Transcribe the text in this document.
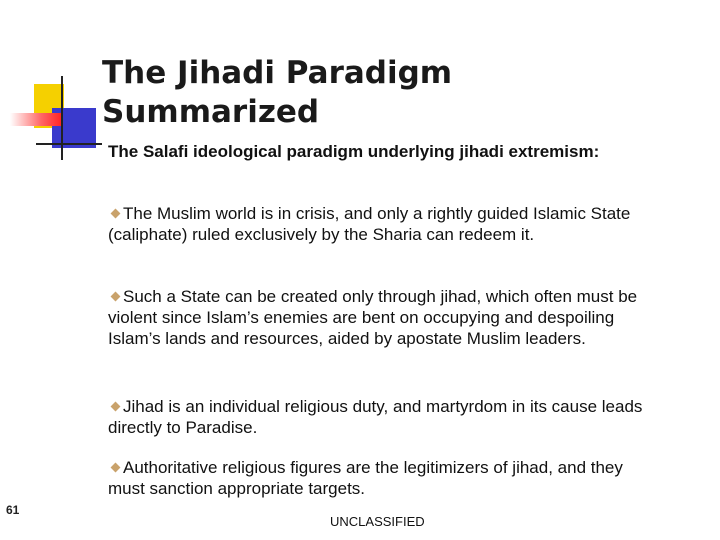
The Jihadi Paradigm
Summarized
The Salafi ideological paradigm underlying jihadi extremism:
The Muslim world is in crisis, and only a rightly guided Islamic State (caliphate) ruled exclusively by the Sharia can redeem it.
Such a State can be created only through jihad, which often must be violent since Islam’s enemies are bent on occupying and despoiling Islam’s lands and resources, aided by apostate Muslim leaders.
Jihad is an individual religious duty, and martyrdom in its cause leads directly to Paradise.
Authoritative religious figures are the legitimizers of jihad, and they must sanction appropriate targets.
61
UNCLASSIFIED
